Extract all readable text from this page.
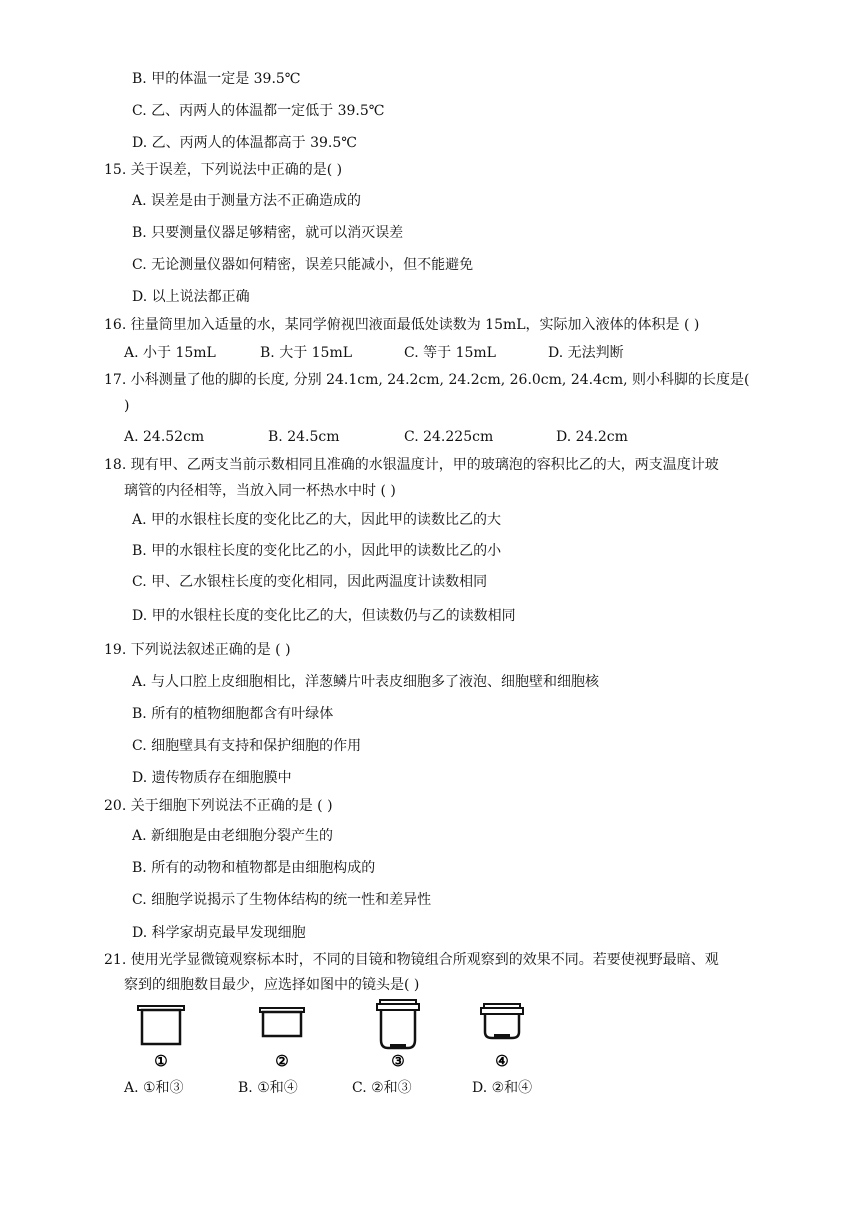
B. 甲的体温一定是 39.5℃
C. 乙、丙两人的体温都一定低于 39.5℃
D. 乙、丙两人的体温都高于 39.5℃
15. 关于误差，下列说法中正确的是( )
A. 误差是由于测量方法不正确造成的
B. 只要测量仪器足够精密，就可以消灭误差
C. 无论测量仪器如何精密，误差只能减小，但不能避免
D. 以上说法都正确
16. 往量筒里加入适量的水，某同学俯视凹液面最低处读数为 15mL，实际加入液体的体积是 ( )
A. 小于 15mL	B. 大于 15mL	C. 等于 15mL	D. 无法判断
17. 小科测量了他的脚的长度, 分别 24.1cm, 24.2cm, 24.2cm, 26.0cm, 24.4cm, 则小科脚的长度是(
)
A. 24.52cm	B. 24.5cm	C. 24.225cm	D. 24.2cm
18. 现有甲、乙两支当前示数相同且准确的水银温度计，甲的玻璃泡的容积比乙的大，两支温度计玻
璃管的内径相等，当放入同一杯热水中时 ( )
A. 甲的水银柱长度的变化比乙的大，因此甲的读数比乙的大
B. 甲的水银柱长度的变化比乙的小，因此甲的读数比乙的小
C. 甲、乙水银柱长度的变化相同，因此两温度计读数相同
D. 甲的水银柱长度的变化比乙的大，但读数仍与乙的读数相同
19. 下列说法叙述正确的是 ( )
A. 与人口腔上皮细胞相比，洋葱鳞片叶表皮细胞多了液泡、细胞壁和细胞核
B. 所有的植物细胞都含有叶绿体
C. 细胞壁具有支持和保护细胞的作用
D. 遗传物质存在细胞膜中
20. 关于细胞下列说法不正确的是 ( )
A. 新细胞是由老细胞分裂产生的
B. 所有的动物和植物都是由细胞构成的
C. 细胞学说揭示了生物体结构的统一性和差异性
D. 科学家胡克最早发现细胞
21. 使用光学显微镜观察标本时，不同的目镜和物镜组合所观察到的效果不同。若要使视野最暗、观
察到的细胞数目最少，应选择如图中的镜头是( )
①	②	③	④
A. ①和③	B. ①和④	C. ②和③	D. ②和④
